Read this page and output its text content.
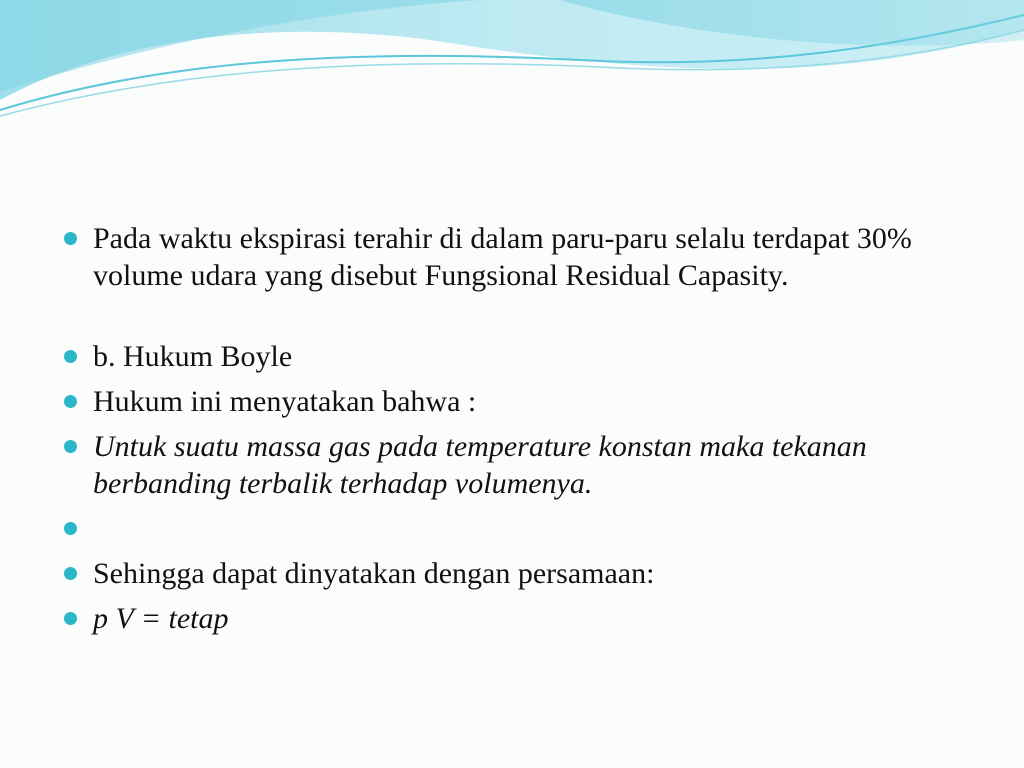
Pada waktu ekspirasi terahir di dalam paru-paru selalu terdapat 30% volume udara yang disebut Fungsional Residual Capasity.
b. Hukum Boyle
Hukum ini menyatakan bahwa :
Untuk suatu massa gas pada temperature konstan maka tekanan berbanding terbalik terhadap volumenya.
Sehingga dapat dinyatakan dengan persamaan:
p V = tetap
